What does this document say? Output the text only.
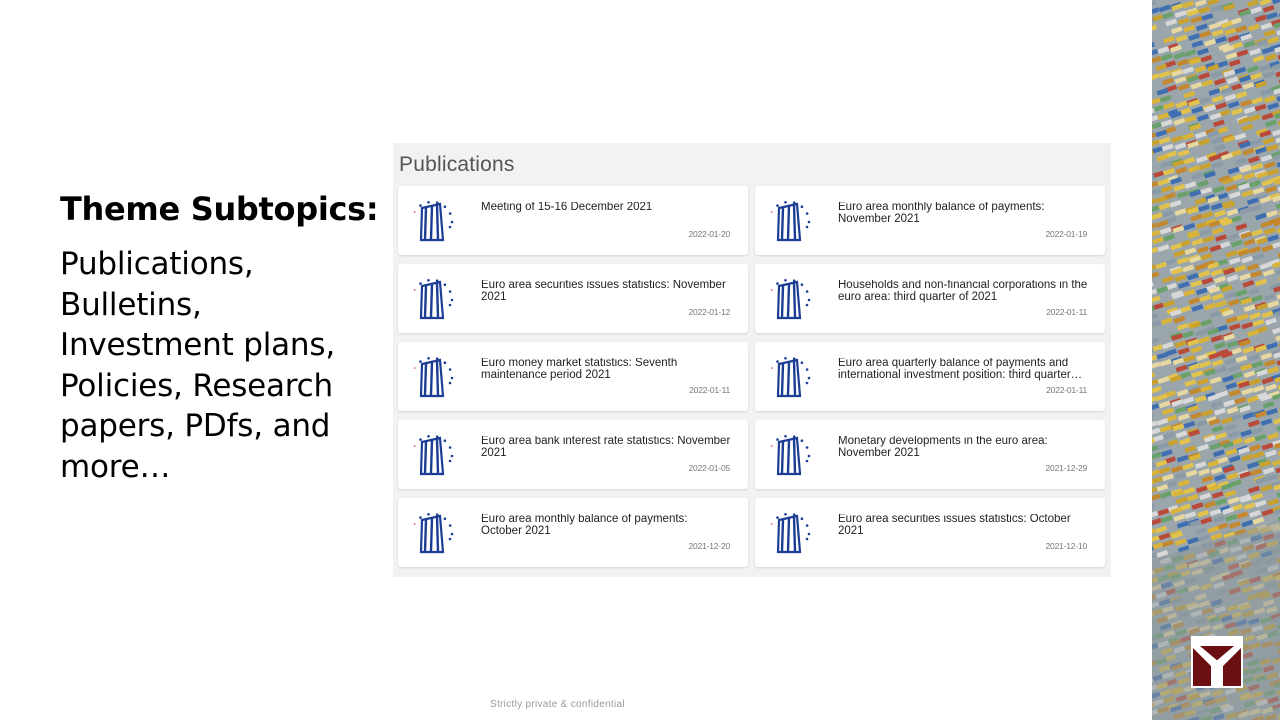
Theme Subtopics:
Publications,
Bulletins,
Investment plans,
Policies, Research
papers, PDfs, and
more…
Publications
Meeting of 15-16 December 2021
2022-01-20
Euro area monthly balance of payments: November 2021
2022-01-19
Euro area securities issues statistics: November 2021
2022-01-12
Households and non-financial corporations in the euro area: third quarter of 2021
2022-01-11
Euro money market statistics: Seventh maintenance period 2021
2022-01-11
Euro area quarterly balance of payments and international investment position: third quarter…
2022-01-11
Euro area bank interest rate statistics: November 2021
2022-01-05
Monetary developments in the euro area: November 2021
2021-12-29
Euro area monthly balance of payments: October 2021
2021-12-20
Euro area securities issues statistics: October 2021
2021-12-10
Strictly private & confidential
